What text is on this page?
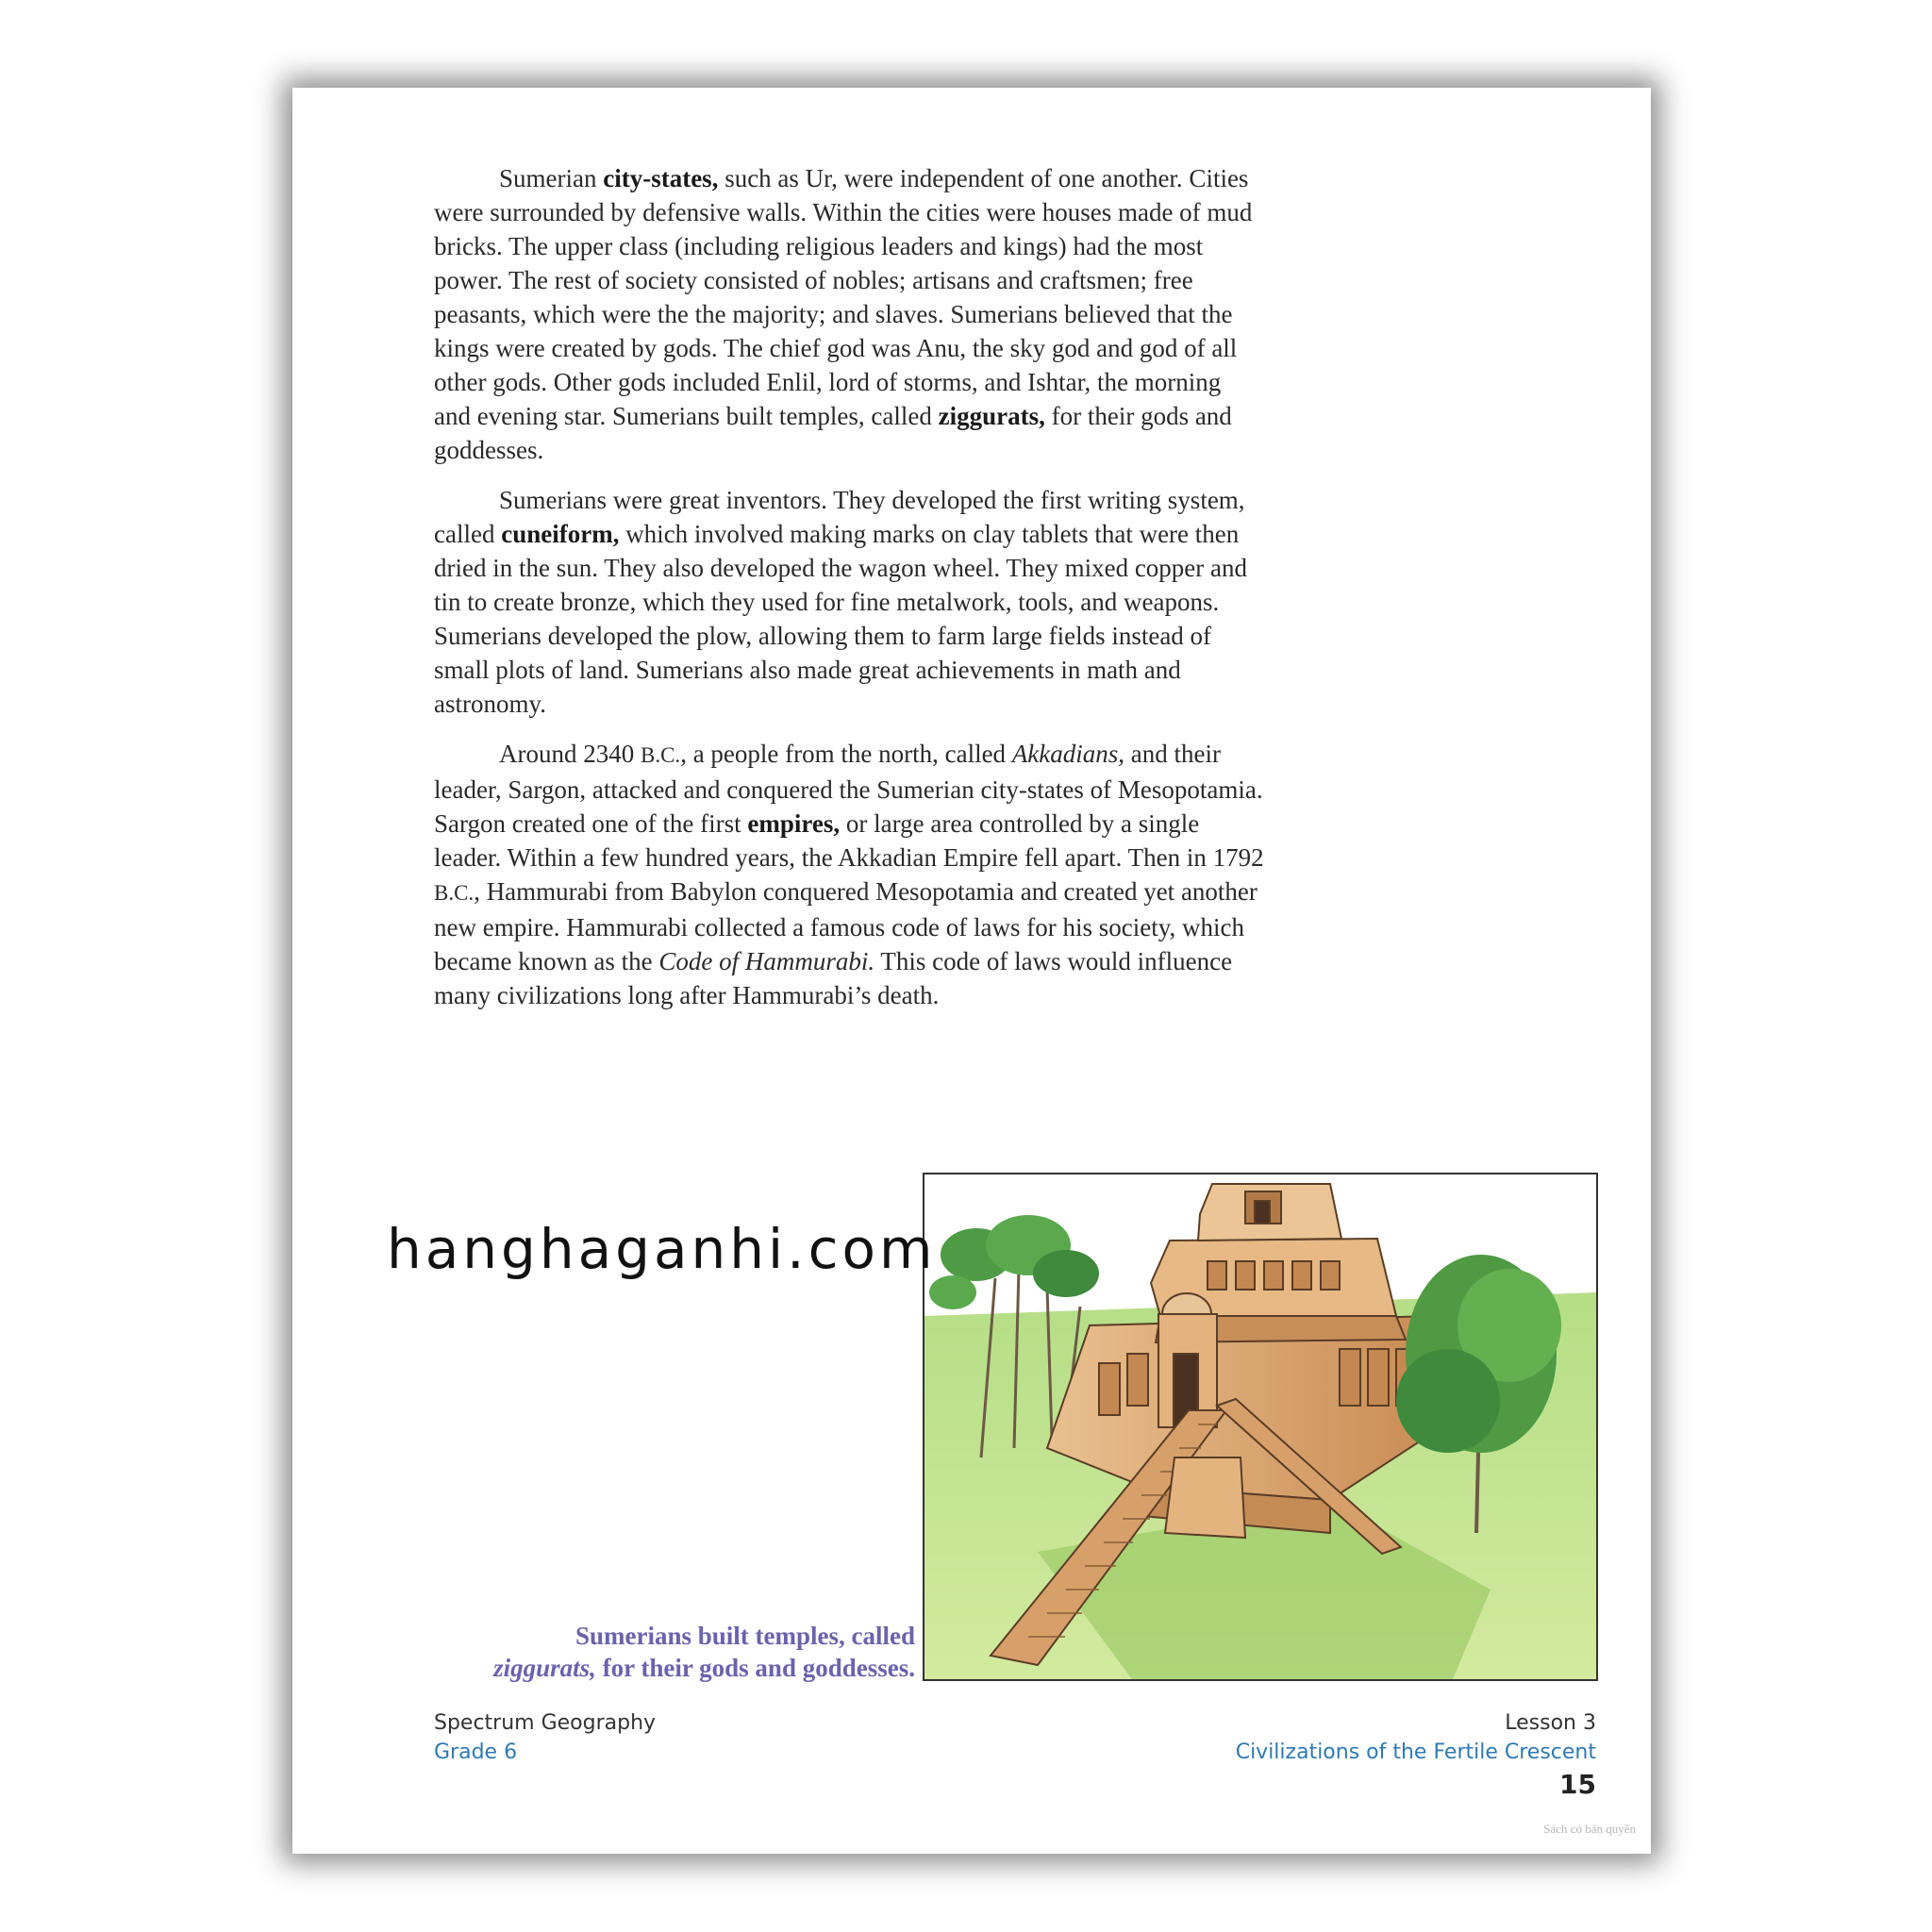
Sumerian city-states, such as Ur, were independent of one another. Cities were surrounded by defensive walls. Within the cities were houses made of mud bricks. The upper class (including religious leaders and kings) had the most power. The rest of society consisted of nobles; artisans and craftsmen; free peasants, which were the the majority; and slaves. Sumerians believed that the kings were created by gods. The chief god was Anu, the sky god and god of all other gods. Other gods included Enlil, lord of storms, and Ishtar, the morning and evening star. Sumerians built temples, called ziggurats, for their gods and goddesses.

Sumerians were great inventors. They developed the first writing system, called cuneiform, which involved making marks on clay tablets that were then dried in the sun. They also developed the wagon wheel. They mixed copper and tin to create bronze, which they used for fine metalwork, tools, and weapons. Sumerians developed the plow, allowing them to farm large fields instead of small plots of land. Sumerians also made great achievements in math and astronomy.

Around 2340 B.C., a people from the north, called Akkadians, and their leader, Sargon, attacked and conquered the Sumerian city-states of Mesopotamia. Sargon created one of the first empires, or large area controlled by a single leader. Within a few hundred years, the Akkadian Empire fell apart. Then in 1792 B.C., Hammurabi from Babylon conquered Mesopotamia and created yet another new empire. Hammurabi collected a famous code of laws for his society, which became known as the Code of Hammurabi. This code of laws would influence many civilizations long after Hammurabi’s death.

Sumerians built temples, called
ziggurats, for their gods and goddesses.
Spectrum Geography
Grade 6
Lesson 3
Civilizations of the Fertile Crescent
15
Sách có bản quyền
hanghaganhi.com
